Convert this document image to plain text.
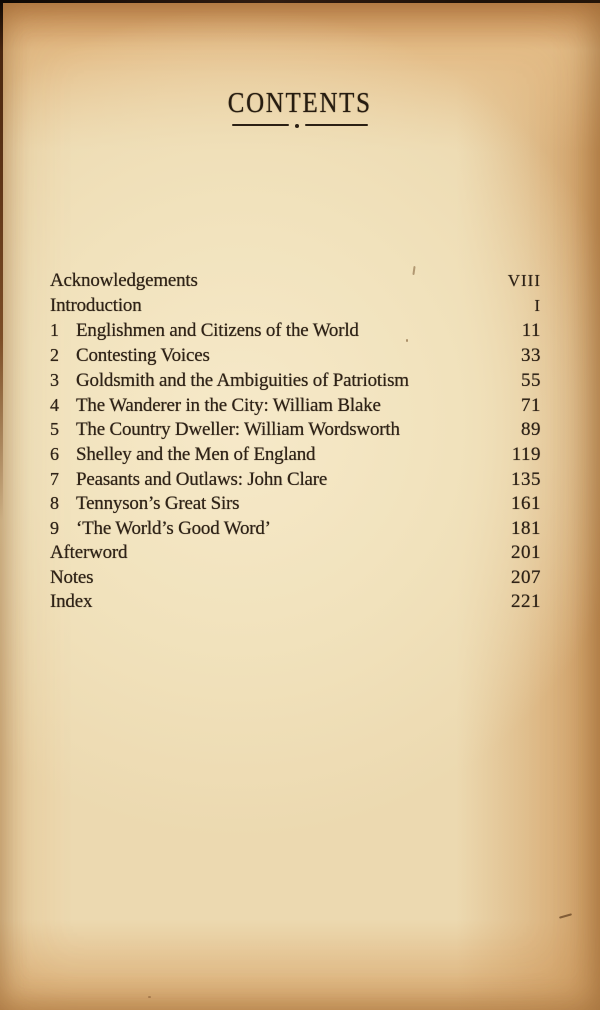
CONTENTS
Acknowledgements	VIII
Introduction	I
1 Englishmen and Citizens of the World	11
2 Contesting Voices	33
3 Goldsmith and the Ambiguities of Patriotism	55
4 The Wanderer in the City: William Blake	71
5 The Country Dweller: William Wordsworth	89
6 Shelley and the Men of England	119
7 Peasants and Outlaws: John Clare	135
8 Tennyson’s Great Sirs	161
9 ‘The World’s Good Word’	181
Afterword	201
Notes	207
Index	221
